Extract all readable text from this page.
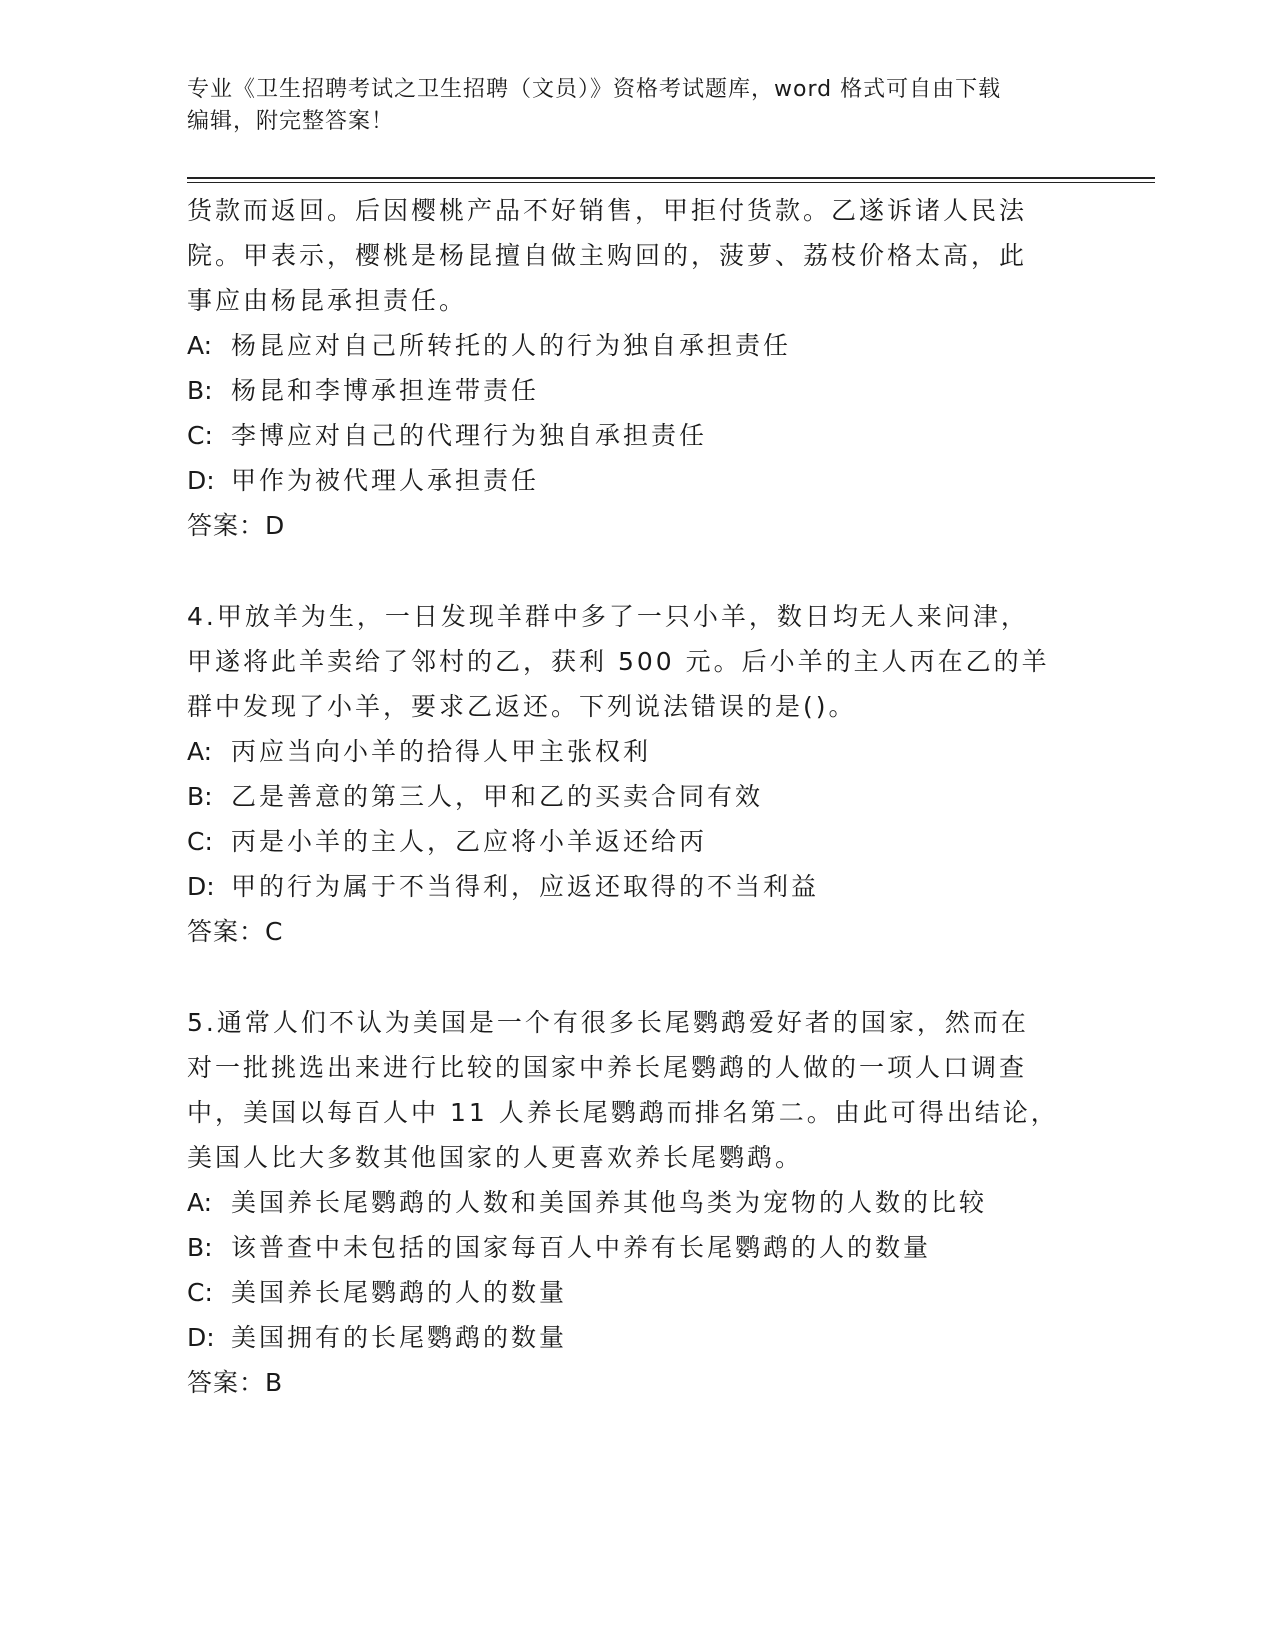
专业《卫生招聘考试之卫生招聘（文员）》资格考试题库，word 格式可自由下载
编辑，附完整答案！
货款而返回。后因樱桃产品不好销售，甲拒付货款。乙遂诉诸人民法
院。甲表示，樱桃是杨昆擅自做主购回的，菠萝、荔枝价格太高，此
事应由杨昆承担责任。
A: 杨昆应对自己所转托的人的行为独自承担责任
B: 杨昆和李博承担连带责任
C: 李博应对自己的代理行为独自承担责任
D: 甲作为被代理人承担责任
答案：D
4.甲放羊为生，一日发现羊群中多了一只小羊，数日均无人来问津，
甲遂将此羊卖给了邻村的乙，获利 500 元。后小羊的主人丙在乙的羊
群中发现了小羊，要求乙返还。下列说法错误的是()。
A: 丙应当向小羊的拾得人甲主张权利
B: 乙是善意的第三人，甲和乙的买卖合同有效
C: 丙是小羊的主人，乙应将小羊返还给丙
D: 甲的行为属于不当得利，应返还取得的不当利益
答案：C
5.通常人们不认为美国是一个有很多长尾鹦鹉爱好者的国家，然而在
对一批挑选出来进行比较的国家中养长尾鹦鹉的人做的一项人口调查
中，美国以每百人中 11 人养长尾鹦鹉而排名第二。由此可得出结论，
美国人比大多数其他国家的人更喜欢养长尾鹦鹉。
A: 美国养长尾鹦鹉的人数和美国养其他鸟类为宠物的人数的比较
B: 该普查中未包括的国家每百人中养有长尾鹦鹉的人的数量
C: 美国养长尾鹦鹉的人的数量
D: 美国拥有的长尾鹦鹉的数量
答案：B
